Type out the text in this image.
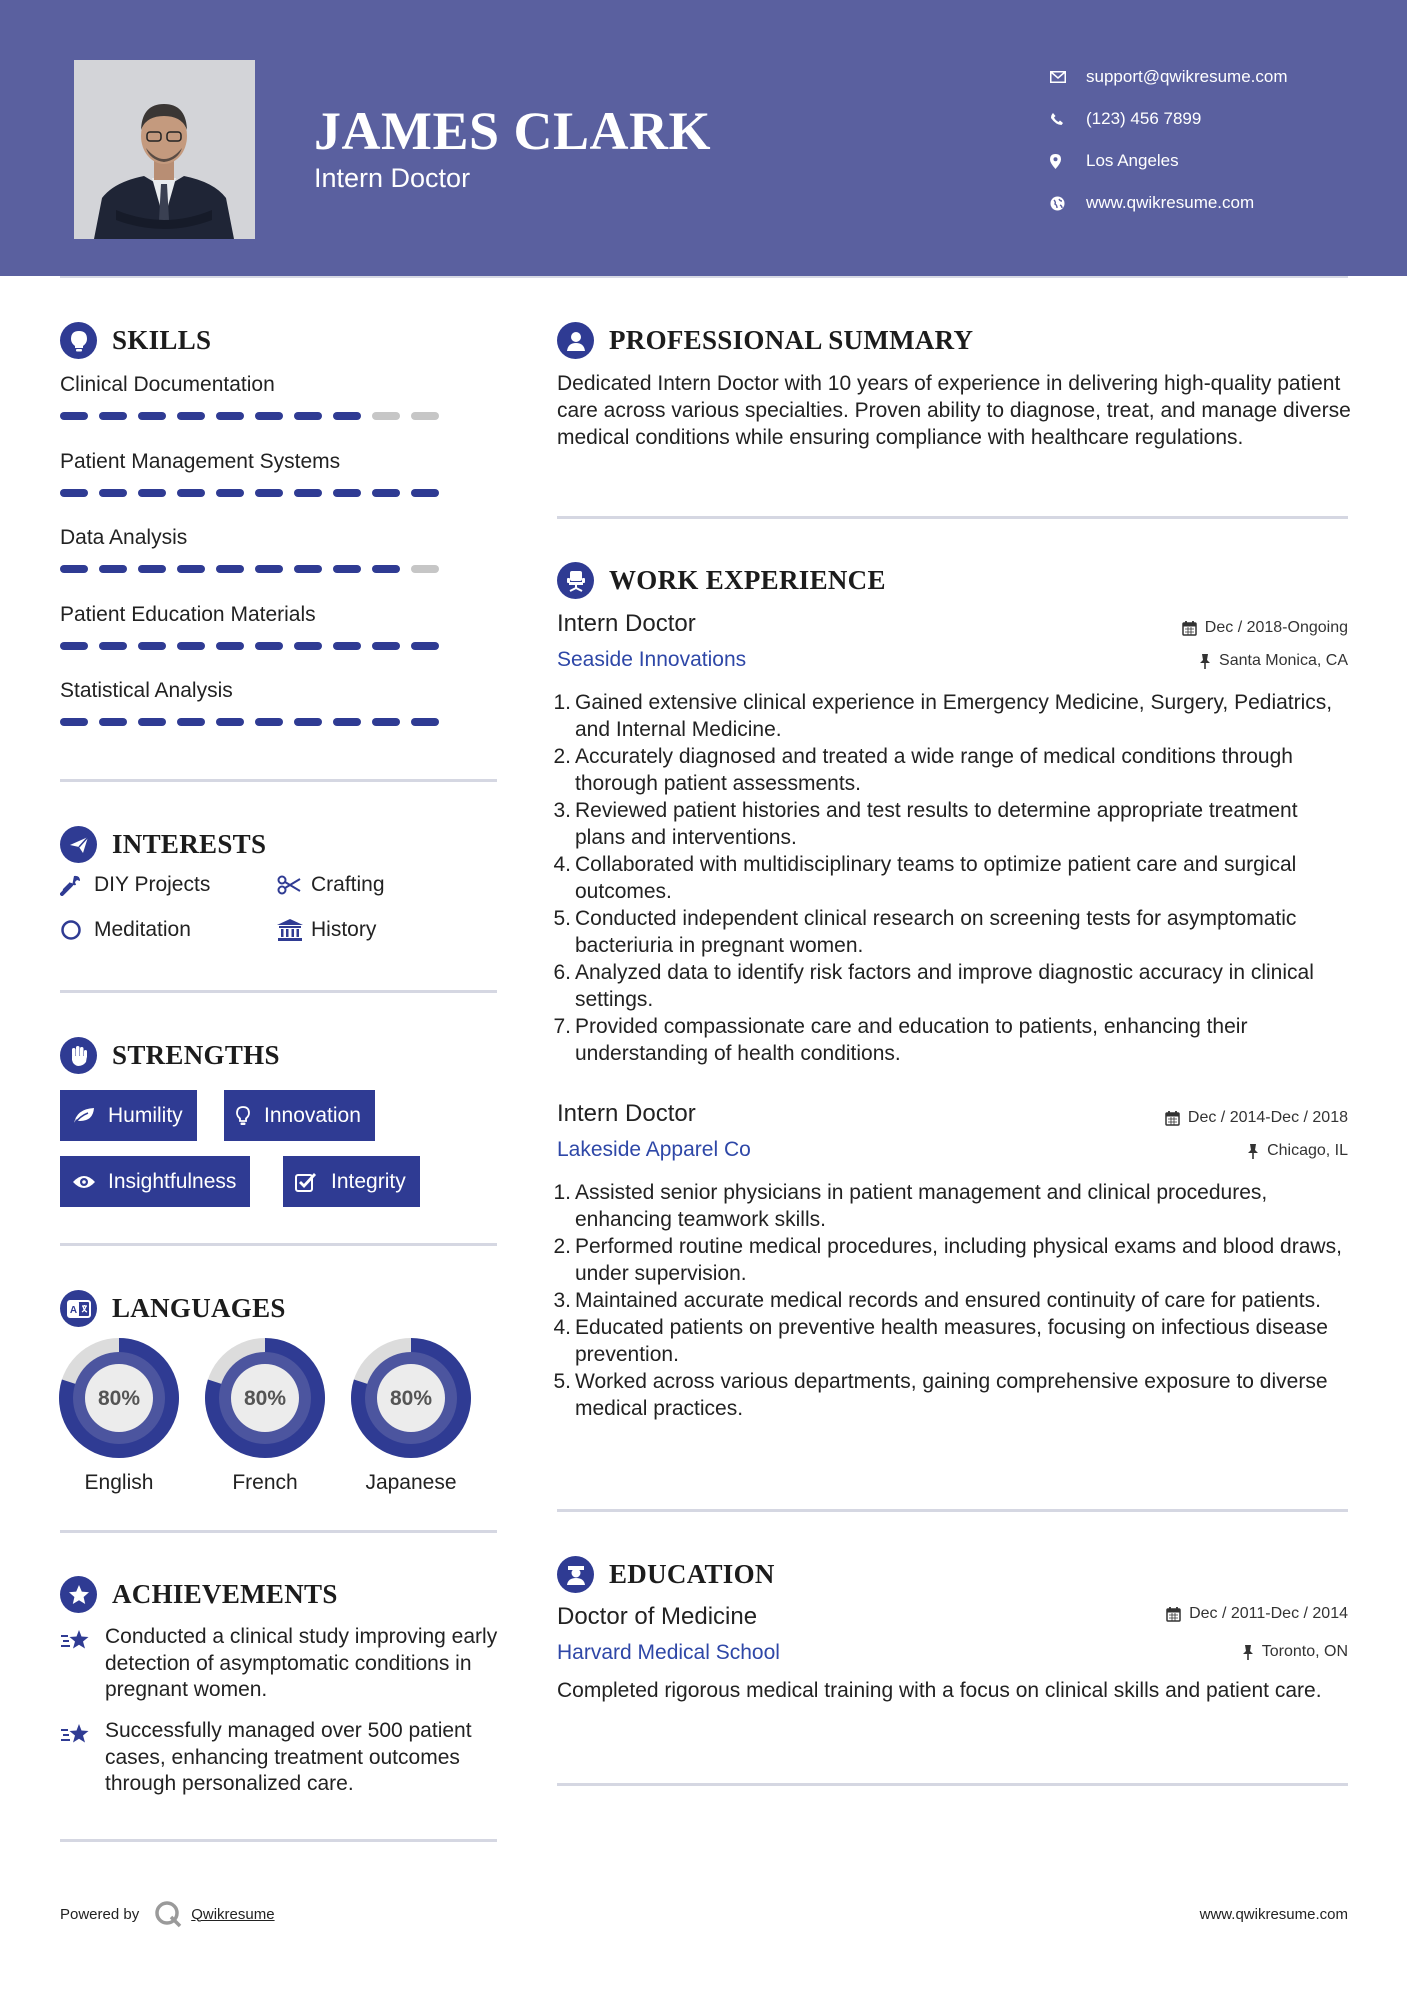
JAMES CLARK
Intern Doctor
support@qwikresume.com
(123) 456 7899
Los Angeles
www.qwikresume.com
SKILLS
Clinical Documentation
Patient Management Systems
Data Analysis
Patient Education Materials
Statistical Analysis
INTERESTS
DIY Projects	Crafting
Meditation	History
STRENGTHS
Humility	Innovation
Insightfulness	Integrity
A LANGUAGES
80%
English
80%
French
80%
Japanese
ACHIEVEMENTS
Conducted a clinical study improving early detection of asymptomatic conditions in pregnant women.
Successfully managed over 500 patient cases, enhancing treatment outcomes through personalized care.
PROFESSIONAL SUMMARY
Dedicated Intern Doctor with 10 years of experience in delivering high-quality patient care across various specialties. Proven ability to diagnose, treat, and manage diverse medical conditions while ensuring compliance with healthcare regulations.
WORK EXPERIENCE
Intern Doctor	Dec / 2018-Ongoing
Seaside Innovations	Santa Monica, CA
1. Gained extensive clinical experience in Emergency Medicine, Surgery, Pediatrics, and Internal Medicine.
2. Accurately diagnosed and treated a wide range of medical conditions through thorough patient assessments.
3. Reviewed patient histories and test results to determine appropriate treatment plans and interventions.
4. Collaborated with multidisciplinary teams to optimize patient care and surgical outcomes.
5. Conducted independent clinical research on screening tests for asymptomatic bacteriuria in pregnant women.
6. Analyzed data to identify risk factors and improve diagnostic accuracy in clinical settings.
7. Provided compassionate care and education to patients, enhancing their understanding of health conditions.
Intern Doctor	Dec / 2014-Dec / 2018
Lakeside Apparel Co	Chicago, IL
1. Assisted senior physicians in patient management and clinical procedures, enhancing teamwork skills.
2. Performed routine medical procedures, including physical exams and blood draws, under supervision.
3. Maintained accurate medical records and ensured continuity of care for patients.
4. Educated patients on preventive health measures, focusing on infectious disease prevention.
5. Worked across various departments, gaining comprehensive exposure to diverse medical practices.
EDUCATION
Doctor of Medicine	Dec / 2011-Dec / 2014
Harvard Medical School	Toronto, ON
Completed rigorous medical training with a focus on clinical skills and patient care.
Powered by	Qwikresume	www.qwikresume.com
